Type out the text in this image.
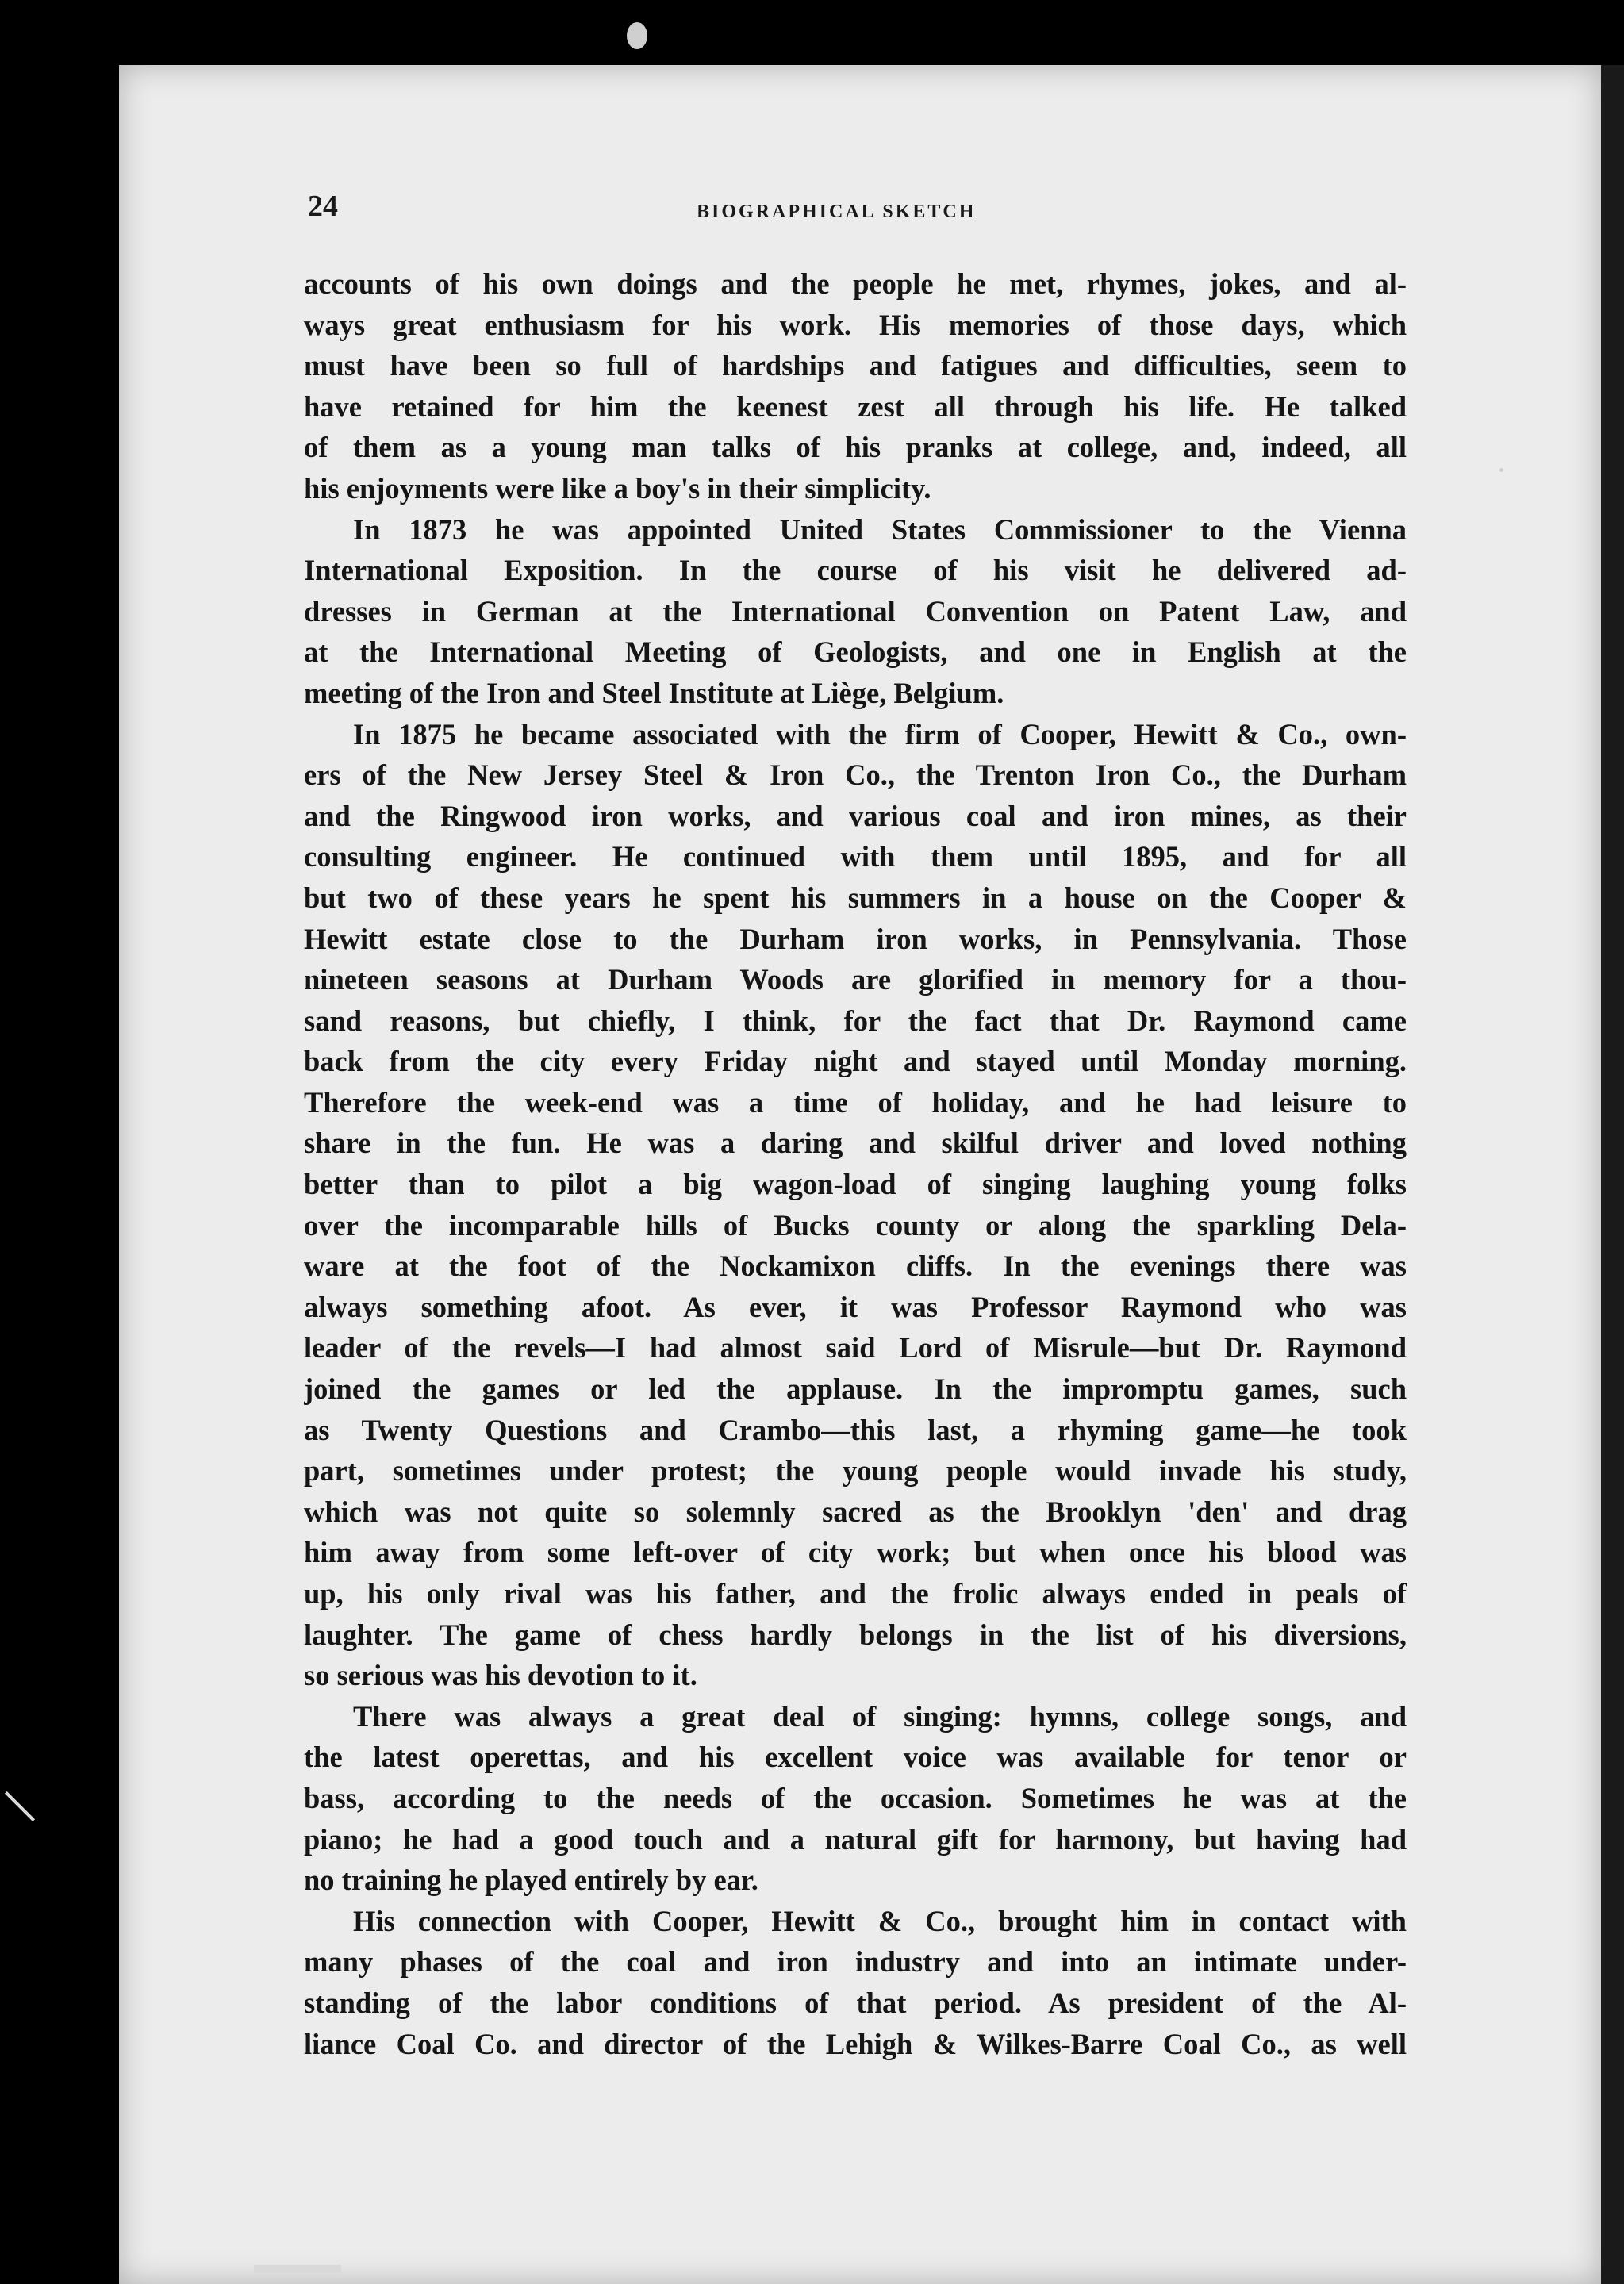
24	BIOGRAPHICAL SKETCH
accounts of his own doings and the people he met, rhymes, jokes, and al-
ways great enthusiasm for his work. His memories of those days, which
must have been so full of hardships and fatigues and difficulties, seem to
have retained for him the keenest zest all through his life. He talked
of them as a young man talks of his pranks at college, and, indeed, all
his enjoyments were like a boy's in their simplicity.
In 1873 he was appointed United States Commissioner to the Vienna
International Exposition. In the course of his visit he delivered ad-
dresses in German at the International Convention on Patent Law, and
at the International Meeting of Geologists, and one in English at the
meeting of the Iron and Steel Institute at Liège, Belgium.
In 1875 he became associated with the firm of Cooper, Hewitt & Co., own-
ers of the New Jersey Steel & Iron Co., the Trenton Iron Co., the Durham
and the Ringwood iron works, and various coal and iron mines, as their
consulting engineer. He continued with them until 1895, and for all
but two of these years he spent his summers in a house on the Cooper &
Hewitt estate close to the Durham iron works, in Pennsylvania. Those
nineteen seasons at Durham Woods are glorified in memory for a thou-
sand reasons, but chiefly, I think, for the fact that Dr. Raymond came
back from the city every Friday night and stayed until Monday morning.
Therefore the week-end was a time of holiday, and he had leisure to
share in the fun. He was a daring and skilful driver and loved nothing
better than to pilot a big wagon-load of singing laughing young folks
over the incomparable hills of Bucks county or along the sparkling Dela-
ware at the foot of the Nockamixon cliffs. In the evenings there was
always something afoot. As ever, it was Professor Raymond who was
leader of the revels—I had almost said Lord of Misrule—but Dr. Raymond
joined the games or led the applause. In the impromptu games, such
as Twenty Questions and Crambo—this last, a rhyming game—he took
part, sometimes under protest; the young people would invade his study,
which was not quite so solemnly sacred as the Brooklyn 'den' and drag
him away from some left-over of city work; but when once his blood was
up, his only rival was his father, and the frolic always ended in peals of
laughter. The game of chess hardly belongs in the list of his diversions,
so serious was his devotion to it.
There was always a great deal of singing: hymns, college songs, and
the latest operettas, and his excellent voice was available for tenor or
bass, according to the needs of the occasion. Sometimes he was at the
piano; he had a good touch and a natural gift for harmony, but having had
no training he played entirely by ear.
His connection with Cooper, Hewitt & Co., brought him in contact with
many phases of the coal and iron industry and into an intimate under-
standing of the labor conditions of that period. As president of the Al-
liance Coal Co. and director of the Lehigh & Wilkes-Barre Coal Co., as well
